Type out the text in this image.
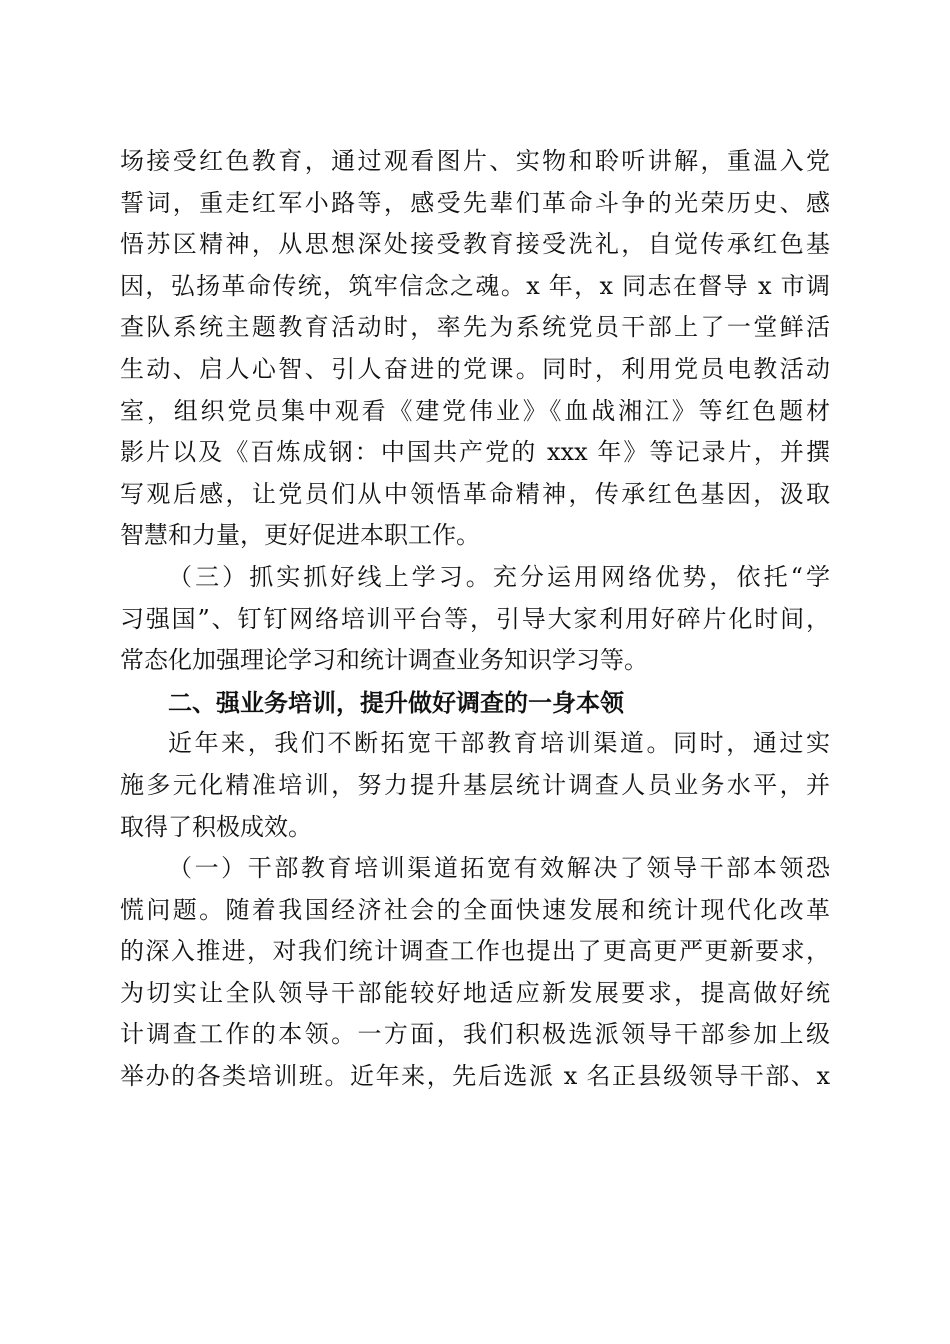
场接受红色教育，通过观看图片、实物和聆听讲解，重温入党
誓词，重走红军小路等，感受先辈们革命斗争的光荣历史、感
悟苏区精神，从思想深处接受教育接受洗礼，自觉传承红色基
因，弘扬革命传统，筑牢信念之魂。x 年，x 同志在督导 x 市调
查队系统主题教育活动时，率先为系统党员干部上了一堂鲜活
生动、启人心智、引人奋进的党课。同时，利用党员电教活动
室，组织党员集中观看《建党伟业》《血战湘江》等红色题材
影片以及《百炼成钢：中国共产党的 xxx 年》等记录片，并撰
写观后感，让党员们从中领悟革命精神，传承红色基因，汲取
智慧和力量，更好促进本职工作。
（三）抓实抓好线上学习。充分运用网络优势，依托“学
习强国”、钉钉网络培训平台等，引导大家利用好碎片化时间，
常态化加强理论学习和统计调查业务知识学习等。
二、强业务培训，提升做好调查的一身本领
近年来，我们不断拓宽干部教育培训渠道。同时，通过实
施多元化精准培训，努力提升基层统计调查人员业务水平，并
取得了积极成效。
（一）干部教育培训渠道拓宽有效解决了领导干部本领恐
慌问题。随着我国经济社会的全面快速发展和统计现代化改革
的深入推进，对我们统计调查工作也提出了更高更严更新要求，
为切实让全队领导干部能较好地适应新发展要求，提高做好统
计调查工作的本领。一方面，我们积极选派领导干部参加上级
举办的各类培训班。近年来，先后选派 x 名正县级领导干部、x
